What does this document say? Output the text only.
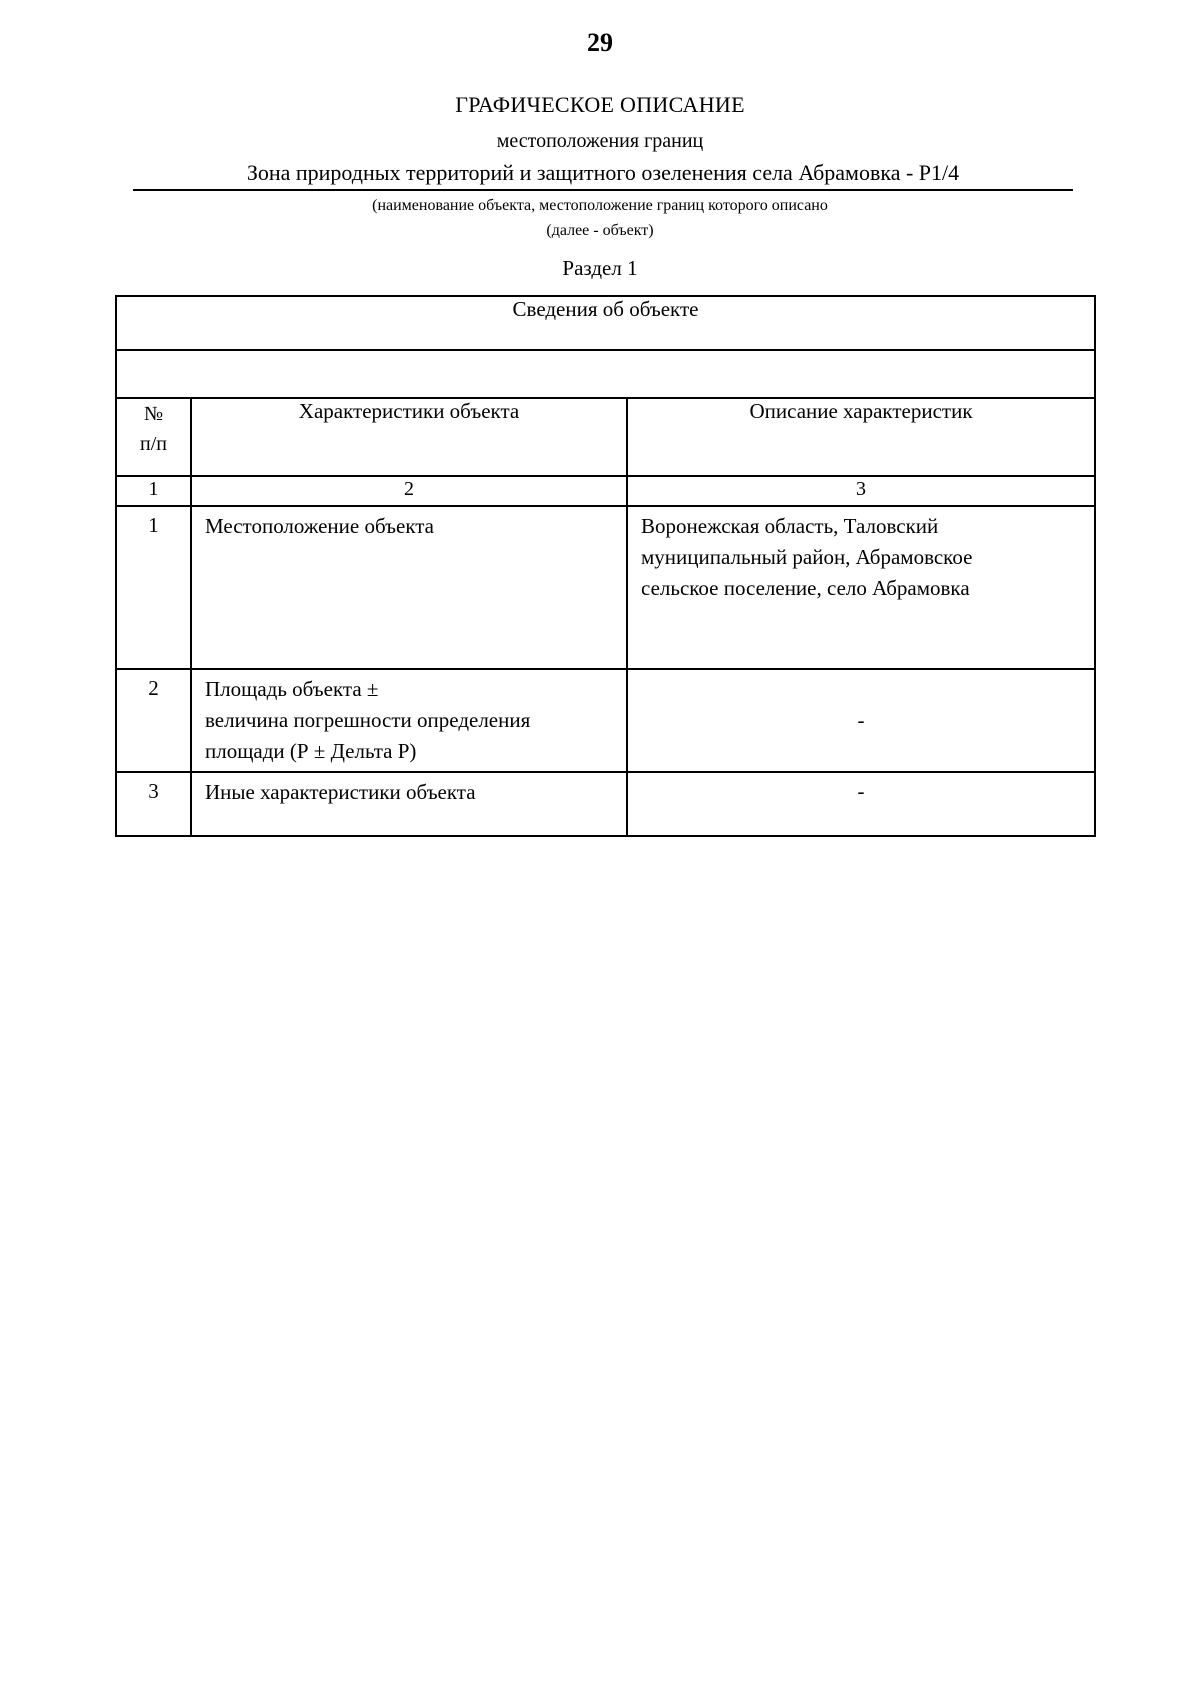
29
ГРАФИЧЕСКОЕ ОПИСАНИЕ
местоположения границ
Зона природных территорий и защитного озеленения села Абрамовка - Р1/4
(наименование объекта, местоположение границ которого описано
(далее - объект)
Раздел 1
Сведения об объекте		

№
п/п	Характеристики объекта	Описание характеристик
1	2	3
1	Местоположение объекта	Воронежская область, Таловский
муниципальный район, Абрамовское
сельское поселение, село Абрамовка

2	Площадь объекта ±
величина погрешности определения
площади (Р ± Дельта Р)	-
3	Иные характеристики объекта	-
